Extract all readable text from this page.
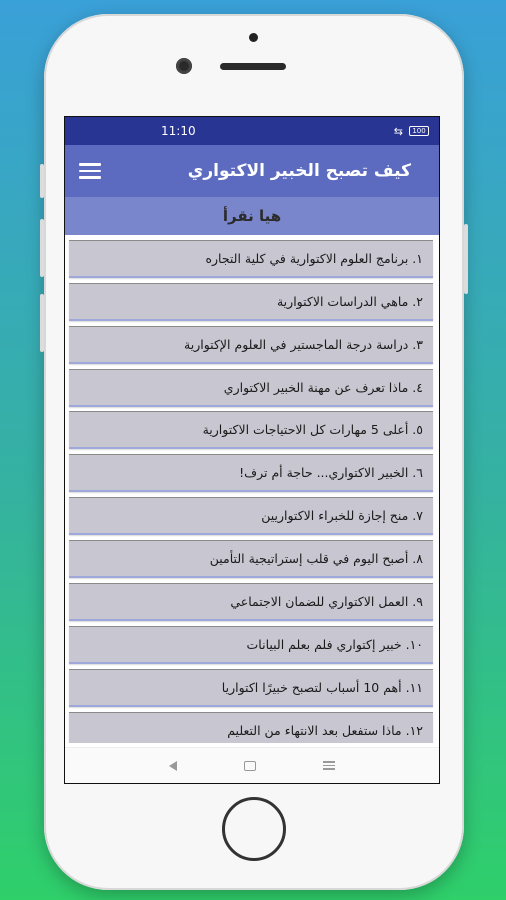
11:10	⇆	100
كيف تصبح الخبير الاكتواري
هيا نقرأ
١. برنامج العلوم الاكتوارية في كلية التجاره
٢. ماهي الدراسات الاكتوارية
٣. دراسة درجة الماجستير في العلوم الإكتوارية
٤. ماذا تعرف عن مهنة الخبير الاكتواري
٥. أعلى 5 مهارات كل الاحتياجات الاكتوارية
٦. الخبير الاكتواري... حاجة أم ترف!
٧. منح إجازة للخبراء الاكتواريين
٨. أصبح اليوم في قلب إستراتيجية التأمين
٩. العمل الاكتواري للضمان الاجتماعي
١٠. خبير إكتواري فلم بعلم البيانات
١١. أهم 10 أسباب لتصبح خبيرًا اكتواريا
١٢. ماذا ستفعل بعد الانتهاء من التعليم
